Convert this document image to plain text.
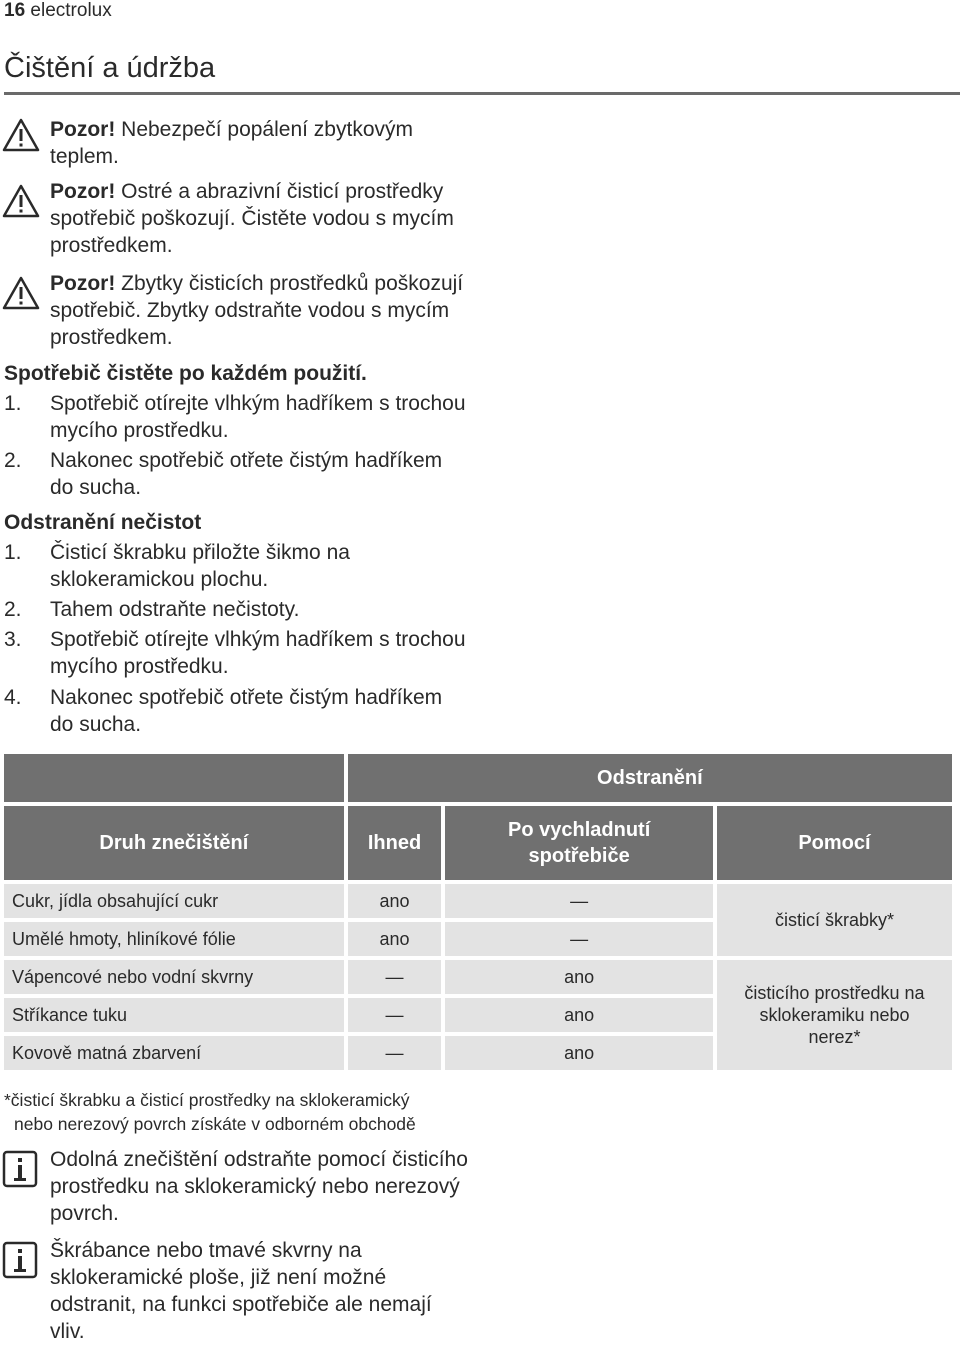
16 electrolux
Čištění a údržba
Pozor! Nebezpečí popálení zbytkovým teplem.
Pozor! Ostré a abrazivní čisticí prostředky spotřebič poškozují. Čistěte vodou s mycím prostředkem.
Pozor! Zbytky čisticích prostředků poškozují spotřebič. Zbytky odstraňte vodou s mycím prostředkem.
Spotřebič čistěte po každém použití.
1. Spotřebič otírejte vlhkým hadříkem s trochou mycího prostředku.
2. Nakonec spotřebič otřete čistým hadříkem do sucha.
Odstranění nečistot
1. Čisticí škrabku přiložte šikmo na sklokeramickou plochu.
2. Tahem odstraňte nečistoty.
3. Spotřebič otírejte vlhkým hadříkem s trochou mycího prostředku.
4. Nakonec spotřebič otřete čistým hadříkem do sucha.
	Odstranění		
Druh znečištění	Ihned	Po vychladnutí spotřebiče	Pomocí
Cukr, jídla obsahující cukr	ano	—	čisticí škrabky*
Umělé hmoty, hliníkové fólie	ano	—	
Vápencové nebo vodní skvrny	—	ano	čisticího prostředku na sklokeramiku nebo nerez*
Stříkance tuku	—	ano	
Kovově matná zbarvení	—	ano	
*čisticí škrabku a čisticí prostředky na sklokeramický
nebo nerezový povrch získáte v odborném obchodě
Odolná znečištění odstraňte pomocí čisticího prostředku na sklokeramický nebo nerezový povrch.
Škrábance nebo tmavé skvrny na sklokeramické ploše, již není možné odstranit, na funkci spotřebiče ale nemají vliv.
